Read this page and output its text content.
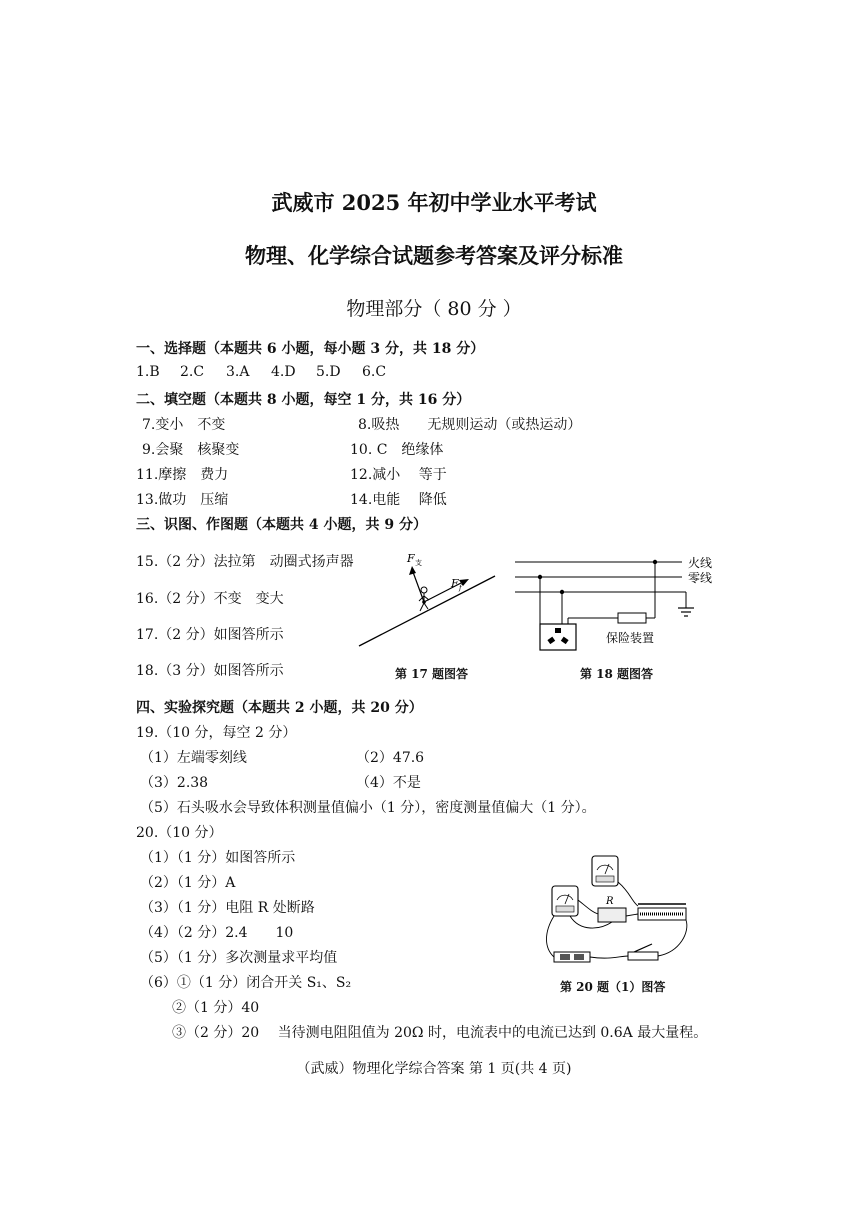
武威市 2025 年初中学业水平考试
物理、化学综合试题参考答案及评分标准
物理部分（ 80 分 ）
一、选择题（本题共 6 小题，每小题 3 分，共 18 分）
1.B 2.C 3.A 4.D 5.D 6.C
二、填空题（本题共 8 小题，每空 1 分，共 16 分）
7.变小　不变	8.吸热　　无规则运动（或热运动）
9.会聚　核聚变	10. C　绝缘体
11.摩擦　费力	12.减小　 等于
13.做功　压缩	14.电能　 降低
三、识图、作图题（本题共 4 小题，共 9 分）
15.（2 分）法拉第　动圈式扬声器
16.（2 分）不变　变大
17.（2 分）如图答所示
18.（3 分）如图答所示
F 支
F f
第 17 题图答
火线
零线
保险装置
第 18 题图答
四、实验探究题（本题共 2 小题，共 20 分）
19.（10 分，每空 2 分）
（1）左端零刻线	（2）47.6
（3）2.38	（4）不是
（5）石头吸水会导致体积测量值偏小（1 分），密度测量值偏大（1 分）。
20.（10 分）
（1）（1 分）如图答所示
（2）（1 分）A
（3）（1 分）电阻 R 处断路
（4）（2 分）2.4　　10
（5）（1 分）多次测量求平均值
（6）①（1 分）闭合开关 S₁、S₂
②（1 分）40
③（2 分）20　 当待测电阻阻值为 20Ω 时，电流表中的电流已达到 0.6A 最大量程。
R
第 20 题（1）图答
（武威）物理化学综合答案 第 1 页(共 4 页)
